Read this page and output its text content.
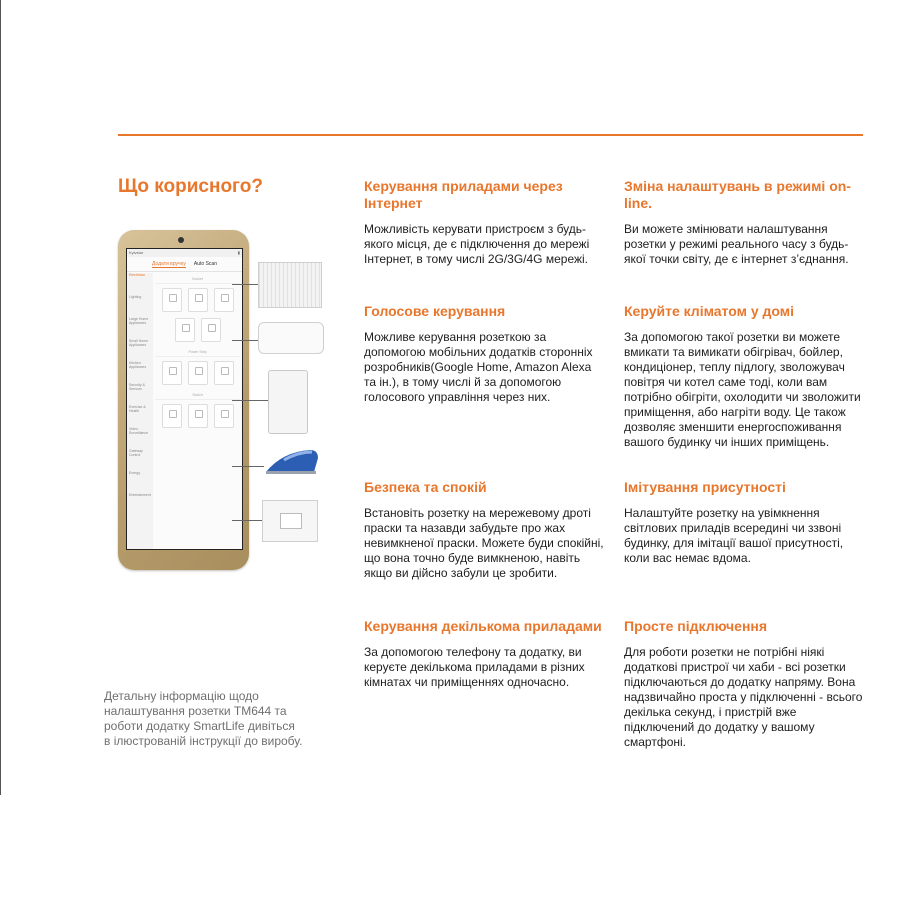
Що корисного?
Kyivstar	▮
Додати вручну Auto Scan
Electrician
Lighting
Large Home Appliances
Small Home Appliances
Kitchen Appliances
Security & Sensors
Exercise & Health
Video Surveillance
Gateway Control
Energy
Entertainment
Socket
Power Strip
Switch

Детальну інформацію щодо налаштування розетки ТМ644 та роботи додатку SmartLife дивіться в ілюстрованій інструкції до виробу.

Керування приладами через Інтернет

Можливість керувати пристроєм з будь-якого місця, де є підключення до мережі Інтернет, в тому числі 2G/3G/4G мережі.

Зміна налаштувань в режимі on-line.

Ви можете змінювати налаштування розетки у режимі реального часу з будь-якої точки світу, де є інтернет з’єднання.

Голосове керування

Можливе керування розеткою за допомогою мобільних додатків сторонніх розробників(Google Home, Amazon Alexa та ін.), в тому числі й за допомогою голосового управління через них.

Керуйте кліматом у домі

За допомогою такої розетки ви можете вмикати та вимикати обігрівач, бойлер, кондиціонер, теплу підлогу, зволожувач повітря чи котел саме тоді, коли вам потрібно обігріти, охолодити чи зволожити приміщення, або нагріти воду. Це також дозволяє зменшити енергоспоживання вашого будинку чи інших приміщень.

Безпека та спокій

Встановіть розетку на мережевому дроті праски та назавди забудьте про жах невимкненої праски. Можете буди спокійні, що вона точно буде вимкненою, навіть якщо ви дійсно забули це зробити.

Імітування присутності

Налаштуйте розетку на увімкнення світлових приладів всередині чи ззвоні будинку, для імітації вашої присутності, коли вас немає вдома.

Керування декількома приладами

За допомогою телефону та додатку, ви керуєте декількома приладами в різних кімнатах чи приміщеннях одночасно.

Просте підключення

Для роботи розетки не потрібні ніякі додаткові пристрої чи хаби - всі розетки підключаються до додатку напряму. Вона надзвичайно проста у підключенні - всього декілька секунд, і пристрій вже підключений до додатку у вашому смартфоні.
